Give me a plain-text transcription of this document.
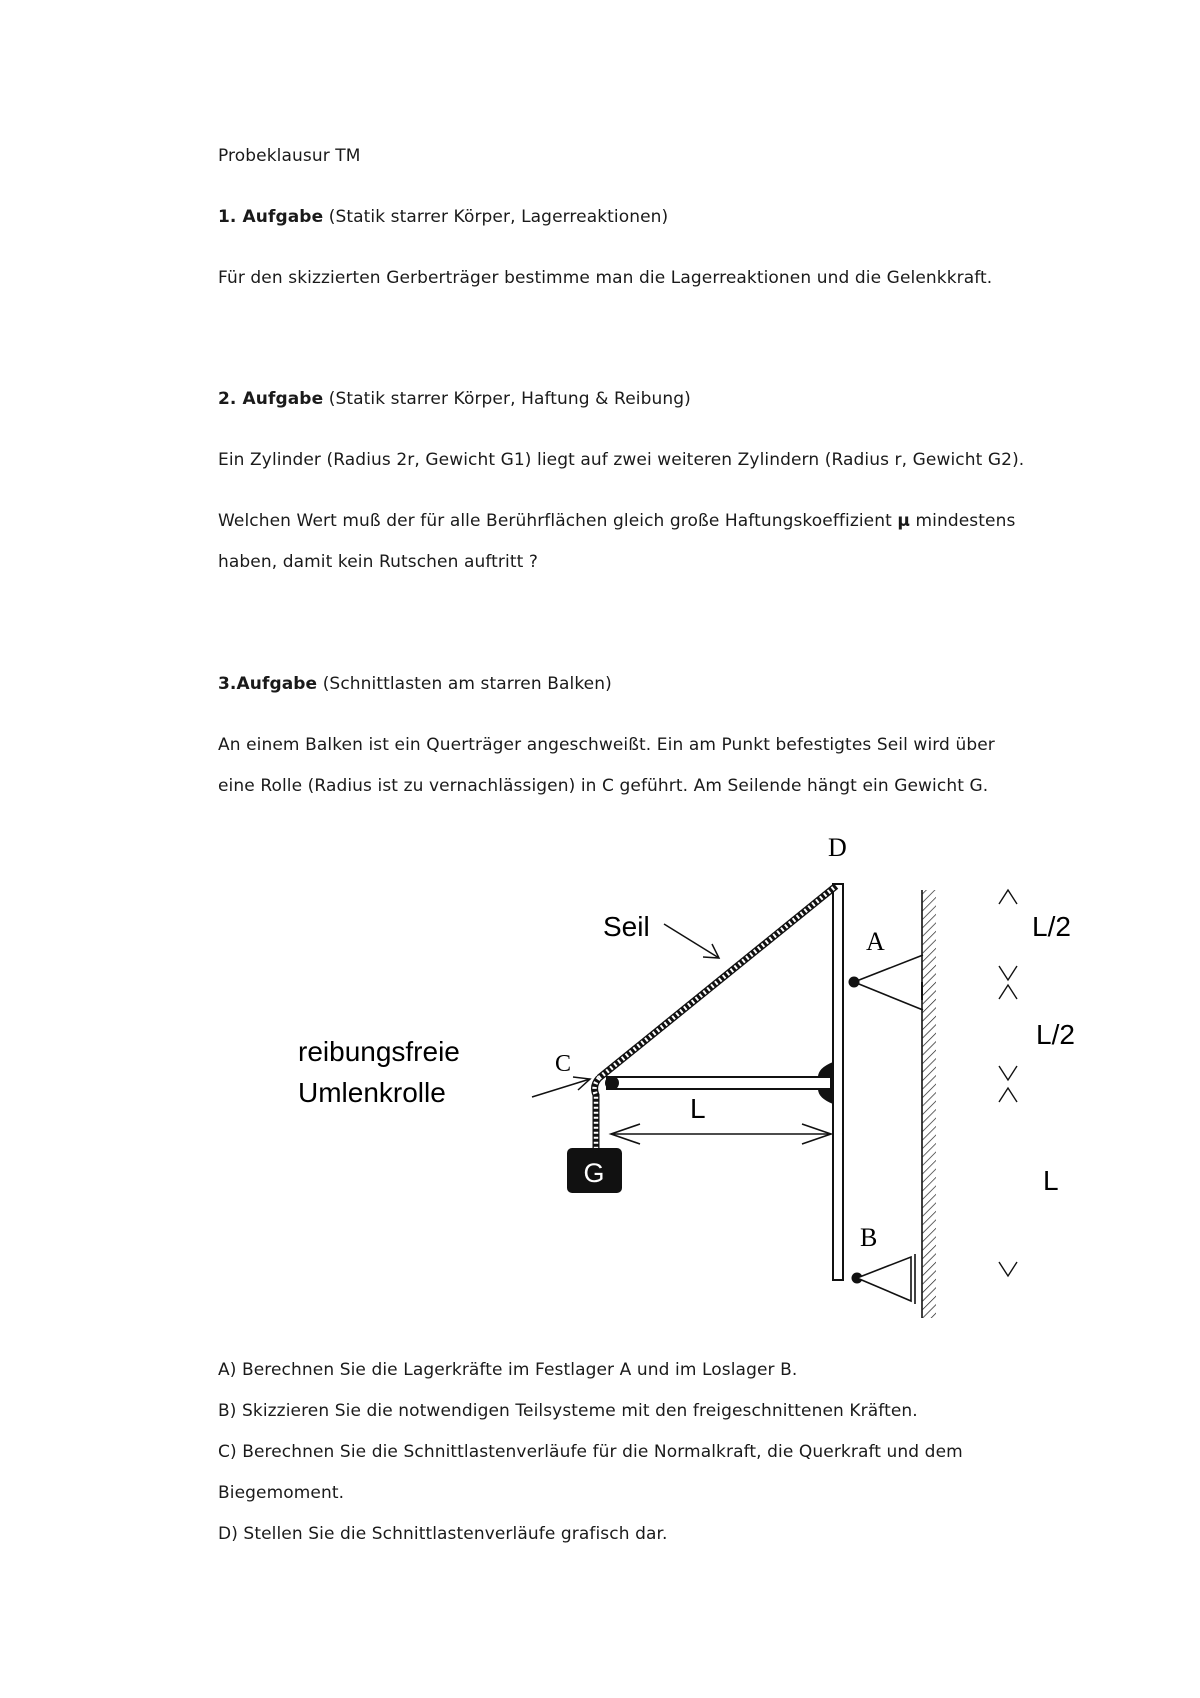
Probeklausur TM
1. Aufgabe (Statik starrer Körper, Lagerreaktionen)
Für den skizzierten Gerberträger bestimme man die Lagerreaktionen und die Gelenkkraft.
2. Aufgabe (Statik starrer Körper, Haftung & Reibung)
Ein Zylinder (Radius 2r, Gewicht G1) liegt auf zwei weiteren Zylindern (Radius r, Gewicht G2).
Welchen Wert muß der für alle Berührflächen gleich große Haftungskoeffizient µ mindestens
haben, damit kein Rutschen auftritt ?
3.Aufgabe (Schnittlasten am starren Balken)
An einem Balken ist ein Querträger angeschweißt. Ein am Punkt befestigtes Seil wird über
eine Rolle (Radius ist zu vernachlässigen) in C geführt. Am Seilende hängt ein Gewicht G.
G
D
A
B
C
Seil
reibungsfreie
Umlenkrolle
L
L/2
L/2
L
A) Berechnen Sie die Lagerkräfte im Festlager A und im Loslager B.
B) Skizzieren Sie die notwendigen Teilsysteme mit den freigeschnittenen Kräften.
C) Berechnen Sie die Schnittlastenverläufe für die Normalkraft, die Querkraft und dem
Biegemoment.
D) Stellen Sie die Schnittlastenverläufe grafisch dar.
